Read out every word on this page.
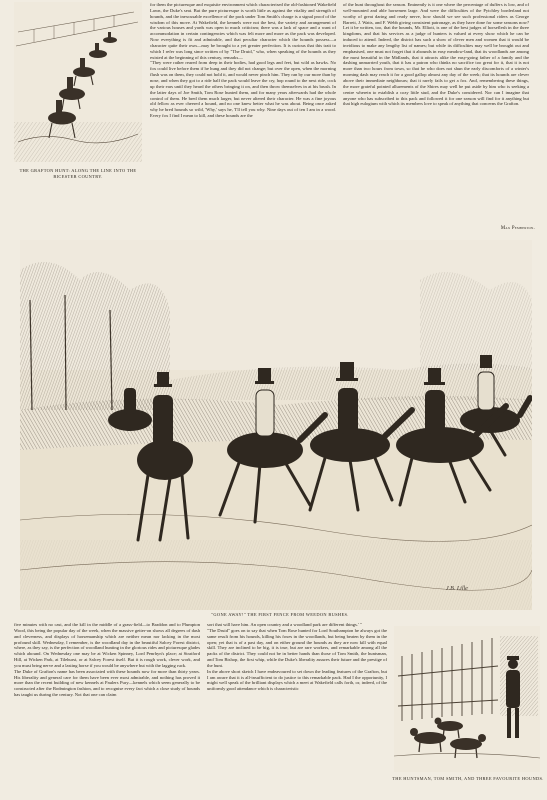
THE GRAFTON HUNT: ALONG THE LINE INTO THE BICESTER COUNTRY.
for them the picturesque and exquisite environment which characterised the old-fashioned Wakefield Lawn, the Duke's seat. But the pure picturesque is worth little as against the vitality and strength of hounds, and the inexcusable excellence of the pack under Tom Smith's charge is a signal proof of the wisdom of this move. At Wakefield, the kennels were not the best, the variety and arrangement of the various houses and yards was open to much criticism; there was a lack of space and a want of accommodation in certain contingencies which was felt more and more as the pack was developed. Now everything is fit and admirable, and that peculiar character which the hounds possess—a character quite their own—may be brought to a yet greater perfection. It is curious that this trait to which I refer was long since written of by "The Druid," who, when speaking of the hounds as they existed at the beginning of this century, remarks—
"They were rather reared from deep in their bodies, had good legs and feet, but wild as hawks. No fox could live before them if he hung and they did not change; but over the open, when the morning flush was on them, they could not hold it, and would never pinch him. They ran by our more than by nose, and when they got to a ride half the pack would leave the cry, hop round to the next ride, cock up their ears until they heard the others bringing it on, and then throw themselves in at his brush. In the latter days of Joe Smith, Tom Rose hunted them, and for many years afterwards had the whole control of them. He bred them much larger, but never altered their character. He was a fine joyous old fellow as ever cheered a hound, and no one knew better what he was about. Being once asked why he bred hounds so wild, 'Why,' says he, 'I'll tell you why. Nine days out of ten I am in a wood. Every fox I find I mean to kill, and these hounds are the
of the hunt throughout the season. Eminently is it one where the percentage of duffers is low, and of well-mounted and able horsemen large. And were the difficulties of the Pytchley borderland not worthy of great daring and ready nerve, how should we see such professional riders as George Barrett, J. Watts, and F. Webb giving consistent patronage, as they have done for some seasons now? Let it be written, too, that the hounds, Mr. Elliott, is one of the best judges of horseflesh in the three kingdoms, and that his services as a judge of hunters is valued at every show which he can be induced to attend. Indeed, the district has such a show of clever men and women that it would be invidious to make any lengthy list of names; but while its difficulties may well be brought out and emphasised, one must not forget that it abounds in easy meadow-land, that its woodlands are among the most beautiful in the Midlands, that it attracts alike the easy-going father of a family and the dashing unmarried youth, that it has a patron who thinks no sacrifice too great for it, that it is not more than two hours from town, so that he who does not shun the early discomforts of a winter's morning dash may reach it for a good gallop almost any day of the week; that its hounds are clever above their immediate neighbours; that it rarely fails to get a fox. And, remembering these things, the more grateful pointed allurements of the Shires may well be put aside by him who is seeking a centre wherein to establish a cozy little stud, and the Duke's considered. Nor can I imagine that anyone who has subscribed to this pack and followed it for one season will find for it anything but that high eulogium with which its members love to speak of anything that concerns the Grafton.
Max Pemberton.
J.B. Lille
"GONE AWAY!" THE FIRST FENCE FROM WEEDON BUSHES.
five minutes with no cast, and the kill in the middle of a grass-field—to Braddon and to Plumpton Wood, this being the popular day of the week, when the massive getter-on shows all degrees of dash and cleverness, and displays of horsemanship which are neither mean nor lacking in the most profound skill. Wednesday, I remember, is the woodland day in the beautiful Salcey Forest district, where, as they say, is the perfection of woodland hunting in the glorious rides and picturesque glades which abound. On Wednesday one may be at Wicken Spinney, Lord Penrhyn's place; at Stratford Hill, at Wicken Park, at Tilehurst, or at Salcey Forest itself. But it is rough work, clever work, and you must bring nerve and a lasting horse if you would be anywhere but with the lagging ruck.
The Duke of Grafton's name has been associated with these hounds now for more than thirty years. His liberality and general care for them have been ever most admirable, and nothing has proved it more than the recent building of new kennels at Paulers Pury—kennels which seem generally to be constructed after the Bodmington fashion, and to recognise every fact which a close study of hounds has taught us during the century. Not that one can claim
sort that will have him. An open country and a woodland park are different things.' "
"The Druid" goes on to say that when Tom Rose hunted for Lord Southampton he always got the same result from his hounds, killing his foxes in the woodlands, but being beaten by them in the open; yet that is of a past day, and on either ground the hounds as they are now kill with equal skill. They are inclined to be big, it is true, but are rare workers, and remarkable among all the packs of the district. They could not be in better hands than those of Tom Smith, the huntsman, and Tom Bishop, the first whip, while the Duke's liberality assures their future and the prestige of the hunt.
In the above short sketch I have endeavoured to set down the leading features of the Grafton, but I am aware that it is all-insufficient to do justice to this remarkable pack. Had I the opportunity, I might well speak of the brilliant displays which a meet at Wakefield calls forth, or, indeed, of the uniformly good attendance which is characteristic
THE HUNTSMAN, TOM SMITH, AND THREE FAVOURITE HOUNDS.
